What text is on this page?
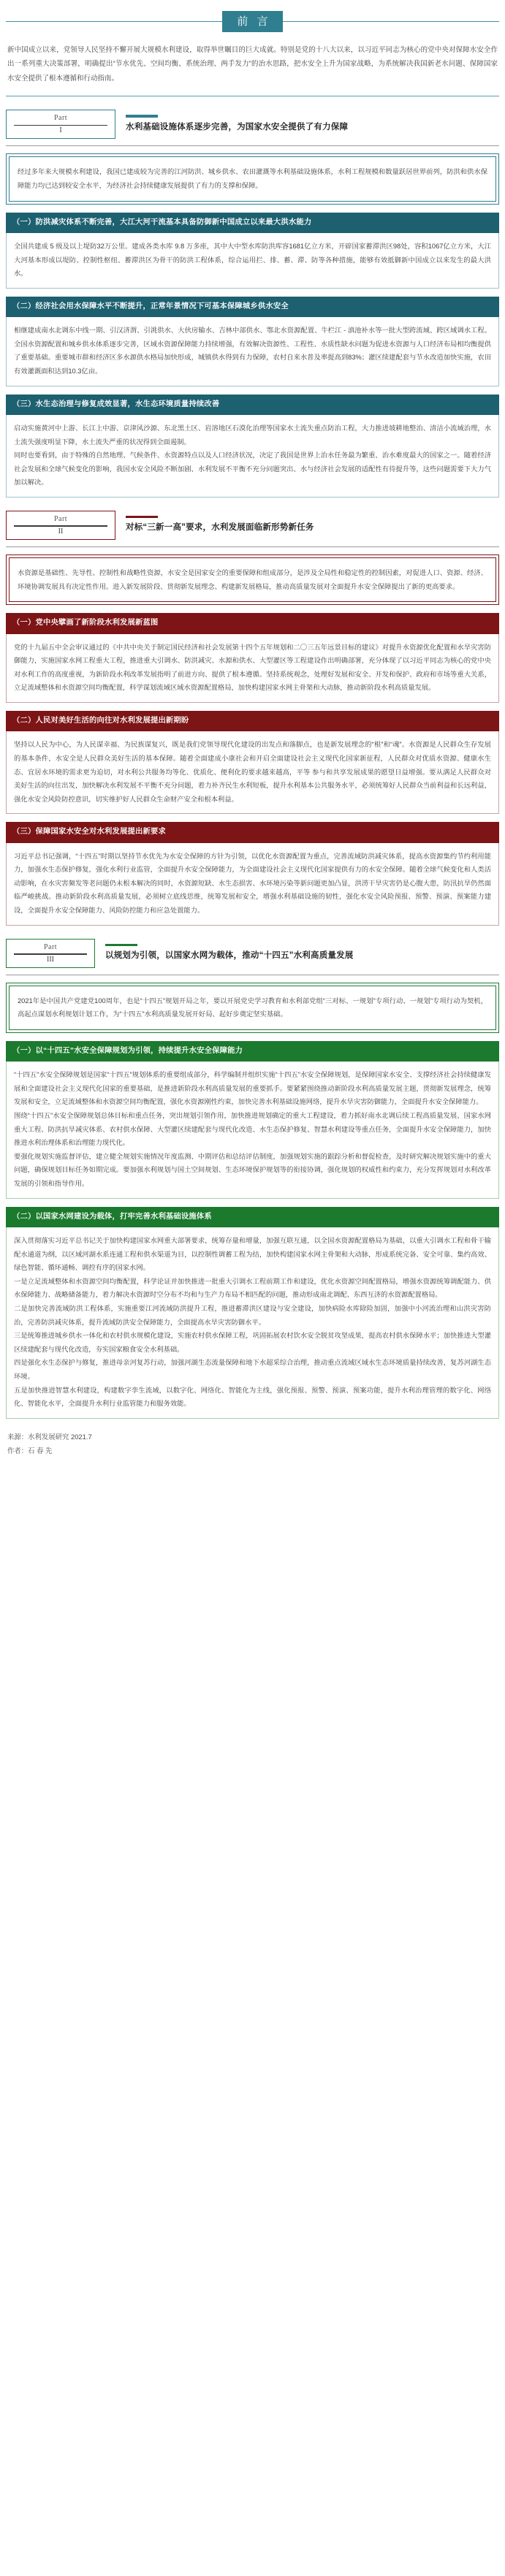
前 言
新中国成立以来，党领导人民坚持不懈开展大规模水利建设，取得举世瞩目的巨大成就。特别是党的十八大以来，以习近平同志为核心的党中央对保障水安全作出一系列重大决策部署，明确提出“节水优先、空间均衡、系统治理、两手发力”的治水思路，把水安全上升为国家战略，为系统解决我国新老水问题、保障国家水安全提供了根本遵循和行动指南。
Part
I	水利基础设施体系逐步完善，为国家水安全提供了有力保障

经过多年来大规模水利建设，我国已建成较为完善的江河防洪、城乡供水、农田灌溉等水利基础设施体系，水利工程规模和数量跃居世界前列，防洪和供水保障能力均已达到较安全水平，为经济社会持续健康发展提供了有力的支撑和保障。

（一）防洪减灾体系不断完善，大江大河干流基本具备防御新中国成立以来最大洪水能力

全国共建成 5 级及以上堤防32万公里。建成各类水库 9.8 万多座，其中大中型水库防洪库容1681亿立方米，开辟国家蓄滞洪区98处，容积1067亿立方米，大江大河基本形成以堤防、控制性枢纽、蓄滞洪区为骨干的防洪工程体系，综合运用拦、排、蓄、滞、防等各种措施，能够有效抵御新中国成立以来发生的最大洪水。

（二）经济社会用水保障水平不断提升，正常年景情况下可基本保障城乡供水安全

相继建成南水北调东中线一期、引汉济渭、引洮供水、大伙房输水、吉林中部供水、鄂北水资源配置、牛栏江 - 滇池补水等一批大型跨流域、跨区域调水工程。全国水资源配置和城乡供水体系逐步完善，区域水资源保障能力持续增强，有效解决资源性、工程性、水质性缺水问题为促进水资源与人口经济布局相均衡提供了重要基础。重要城市群和经济区多水源供水格局加快形成，城镇供水得到有力保障，农村自来水普及率提高到83%；灌区续建配套与节水改造加快实施，农田有效灌溉面积达到10.3亿亩。

（三）水生态治理与修复成效显著，水生态环境质量持续改善

启动实施黄河中上游、长江上中游、京津风沙源、东北黑土区、岩溶地区石漠化治理等国家水土流失重点防治工程，大力推进坡耕地整治、清洁小流域治理，水土流失强度明显下降，水土流失严重的状况得到全面遏制。

同时也要看到，由于特殊的自然地理、气候条件、水资源特点以及人口经济状况，决定了我国是世界上治水任务最为繁重、治水难度最大的国家之一。随着经济社会发展和全球气候变化的影响，我国水安全风险不断加剧、水利发展不平衡不充分问题突出、水与经济社会发展的适配性有待提升等，这些问题需要下大力气加以解决。

Part
II	对标“三新一高”要求，水利发展面临新形势新任务

水资源是基础性、先导性、控制性和战略性资源，水安全是国家安全的重要保障和组成部分，是涉及全局性和稳定性的控制因素，对促进人口、资源、经济、环境协调发展具有决定性作用。进入新发展阶段、贯彻新发展理念、构建新发展格局，推动高质量发展对全面提升水安全保障提出了新的更高要求。

（一）党中央擘画了新阶段水利发展新蓝图

党的十九届五中全会审议通过的《中共中央关于制定国民经济和社会发展第十四个五年规划和二〇三五年远景目标的建议》对提升水资源优化配置和水旱灾害防御能力，实施国家水网工程重大工程，推进重大引调水、防洪减灾、水源和供水、大型灌区等工程建设作出明确部署，充分体现了以习近平同志为核心的党中央对水利工作的高度重视，为新阶段水利改革发展指明了前进方向、提供了根本遵循。坚持系统观念，处理好发展和安全、开发和保护、政府和市场等重大关系，立足流域整体和水资源空间均衡配置，科学谋划流域区域水资源配置格局，加快构建国家水网主骨架和大动脉，推动新阶段水利高质量发展。

（二）人民对美好生活的向往对水利发展提出新期盼

坚持以人民为中心，为人民谋幸福、为民族谋复兴，既是我们党领导现代化建设的出发点和落脚点，也是新发展理念的“根”和“魂”。水资源是人民群众生存发展的基本条件，水安全是人民群众美好生活的基本保障。随着全面建成小康社会和开启全面建设社会主义现代化国家新征程，人民群众对优质水资源、健康水生态、宜居水环境的需求更为迫切，对水利公共服务均等化、优质化、便利化的要求越来越高，平等 参与和共享发展成果的愿望日益增强。要从满足人民群众对美好生活的向往出发，加快解决水利发展不平衡不充分问题，着力补齐民生水利短板，提升水利基本公共服务水平，必须统筹好人民群众当前利益和长远利益，强化水安全风险防控意识，切实维护好人民群众生命财产安全和根本利益。

（三）保障国家水安全对水利发展提出新要求

习近平总书记强调，“十四五”时期以坚持节水优先为水安全保障的方针为引领，以优化水资源配置为重点，完善流域防洪减灾体系，提高水资源集约节约利用能力，加强水生态保护修复，强化水利行业监管，全面提升水安全保障能力，为全面建设社会主义现代化国家提供有力的水安全保障。随着全球气候变化和人类活动影响，在水灾害频发等老问题仍未根本解决的同时，水资源短缺、水生态损害、水环境污染等新问题更加凸显，洪涝干旱灾害仍是心腹大患，防汛抗旱仍然面临严峻挑战。推动新阶段水利高质量发展，必须树立底线思维，统筹发展和安全，增强水利基础设施的韧性，强化水安全风险预报、预警、预演、预案能力建设，全面提升水安全保障能力、风险防控能力和应急处置能力。

Part
III	以规划为引领，以国家水网为载体，推动“十四五”水利高质量发展

2021年是中国共产党建党100周年，也是“十四五”规划开局之年，要以开展党史学习教育和水利部党组“三对标、一规划”专项行动、一规划”专项行动为契机，高起点谋划水利规划计划工作，为“十四五”水利高质量发展开好局、起好步奠定坚实基础。

（一）以“十四五”水安全保障规划为引领，持续提升水安全保障能力

“十四五”水安全保障规划是国家“十四五”规划体系的重要组成部分，科学编制并组织实施“十四五”水安全保障规划，是保障国家水安全、支撑经济社会持续健康发展和全面建设社会主义现代化国家的重要基础，是推进新阶段水利高质量发展的重要抓手。要紧紧围绕推动新阶段水利高质量发展主题，贯彻新发展理念，统筹发展和安全，立足流域整体和水资源空间均衡配置，强化水资源刚性约束，加快完善水利基础设施网络，提升水旱灾害防御能力，全面提升水安全保障能力。

围绕“十四五”水安全保障规划总体目标和重点任务，突出规划引领作用，加快推进规划确定的重大工程建设，着力抓好南水北调后续工程高质量发展、国家水网重大工程、防洪抗旱减灾体系、农村供水保障、大型灌区续建配套与现代化改造、水生态保护修复、智慧水利建设等重点任务，全面提升水安全保障能力，加快推进水利治理体系和治理能力现代化。

要强化规划实施监督评估，建立健全规划实施情况年度监测、中期评估和总结评估制度，加强规划实施的跟踪分析和督促检查，及时研究解决规划实施中的重大问题，确保规划目标任务如期完成。要加强水利规划与国土空间规划、生态环境保护规划等的衔接协调，强化规划的权威性和约束力，充分发挥规划对水利改革发展的引领和指导作用。

（二）以国家水网建设为载体，打牢完善水利基础设施体系

深入贯彻落实习近平总书记关于加快构建国家水网重大部署要求，统筹存量和增量，加强互联互通，以全国水资源配置格局为基础，以重大引调水工程和骨干输配水通道为纲，以区域河湖水系连通工程和供水渠道为目，以控制性调蓄工程为结，加快构建国家水网主骨架和大动脉，形成系统完备、安全可靠、集约高效、绿色智能、循环通畅、调控有序的国家水网。

一是立足流域整体和水资源空间均衡配置，科学论证并加快推进一批重大引调水工程前期工作和建设，优化水资源空间配置格局，增强水资源统筹调配能力、供水保障能力、战略储备能力，着力解决水资源时空分布不均和与生产力布局不相匹配的问题，推动形成南北调配、东西互济的水资源配置格局。

二是加快完善流域防洪工程体系，实施重要江河流域防洪提升工程，推进蓄滞洪区建设与安全建设，加快病险水库除险加固，加强中小河流治理和山洪灾害防治，完善防洪减灾体系，提升流域防洪安全保障能力，全面提高水旱灾害防御水平。

三是统筹推进城乡供水一体化和农村供水规模化建设，实施农村供水保障工程，巩固拓展农村饮水安全脱贫攻坚成果，提高农村供水保障水平；加快推进大型灌区续建配套与现代化改造，夯实国家粮食安全水利基础。

四是强化水生态保护与修复，推进母亲河复苏行动，加强河湖生态流量保障和地下水超采综合治理，推动重点流域区域水生态环境质量持续改善，复苏河湖生态环境。

五是加快推进智慧水利建设，构建数字孪生流域，以数字化、网络化、智能化为主线，强化预报、预警、预演、预案功能，提升水利治理管理的数字化、网络化、智能化水平，全面提升水利行业监管能力和服务效能。

来源：水利发展研究 2021.7
作者：石 春 先
